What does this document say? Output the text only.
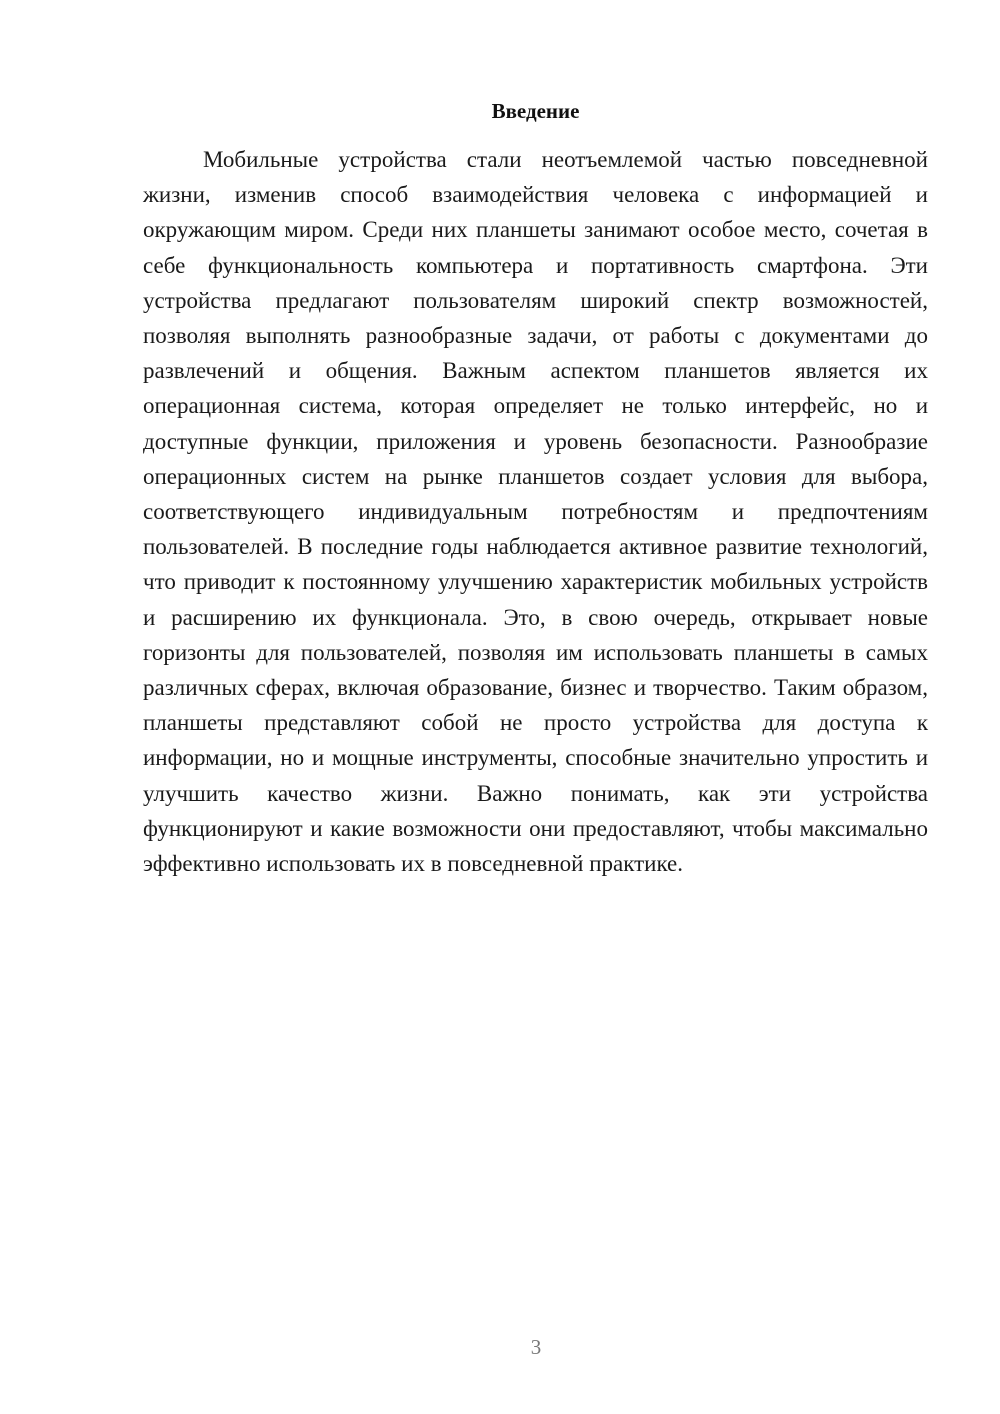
Введение

Мобильные устройства стали неотъемлемой частью повседневной жизни, изменив способ взаимодействия человека с информацией и окружающим миром. Среди них планшеты занимают особое место, сочетая в себе функциональность компьютера и портативность смартфона. Эти устройства предлагают пользователям широкий спектр возможностей, позволяя выполнять разнообразные задачи, от работы с документами до развлечений и общения. Важным аспектом планшетов является их операционная система, которая определяет не только интерфейс, но и доступные функции, приложения и уровень безопасности. Разнообразие операционных систем на рынке планшетов создает условия для выбора, соответствующего индивидуальным потребностям и предпочтениям пользователей. В последние годы наблюдается активное развитие технологий, что приводит к постоянному улучшению характеристик мобильных устройств и расширению их функционала. Это, в свою очередь, открывает новые горизонты для пользователей, позволяя им использовать планшеты в самых различных сферах, включая образование, бизнес и творчество. Таким образом, планшеты представляют собой не просто устройства для доступа к информации, но и мощные инструменты, способные значительно упростить и улучшить качество жизни. Важно понимать, как эти устройства функционируют и какие возможности они предоставляют, чтобы максимально эффективно использовать их в повседневной практике.

3
